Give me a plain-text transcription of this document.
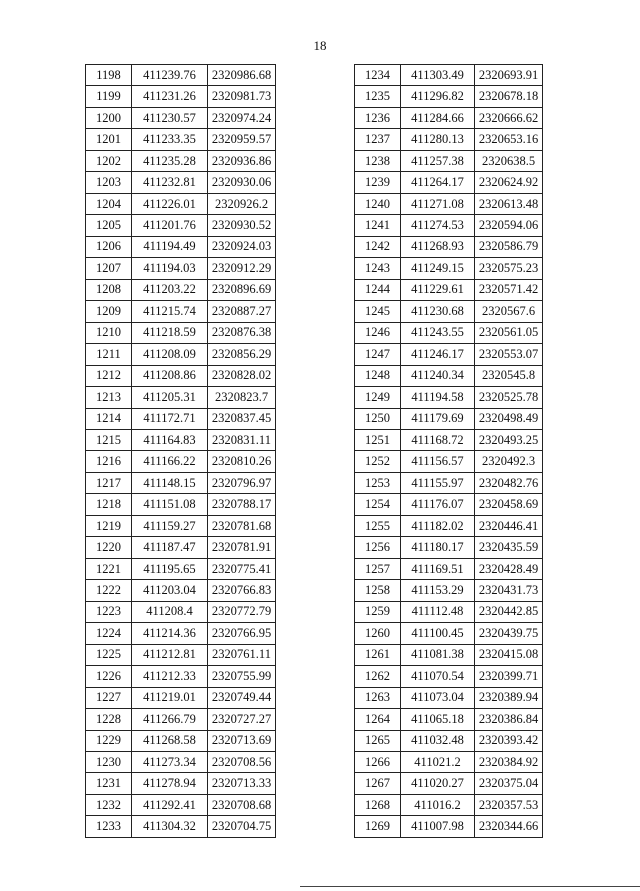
18
1198	411239.76	2320986.68
1199	411231.26	2320981.73
1200	411230.57	2320974.24
1201	411233.35	2320959.57
1202	411235.28	2320936.86
1203	411232.81	2320930.06
1204	411226.01	2320926.2
1205	411201.76	2320930.52
1206	411194.49	2320924.03
1207	411194.03	2320912.29
1208	411203.22	2320896.69
1209	411215.74	2320887.27
1210	411218.59	2320876.38
1211	411208.09	2320856.29
1212	411208.86	2320828.02
1213	411205.31	2320823.7
1214	411172.71	2320837.45
1215	411164.83	2320831.11
1216	411166.22	2320810.26
1217	411148.15	2320796.97
1218	411151.08	2320788.17
1219	411159.27	2320781.68
1220	411187.47	2320781.91
1221	411195.65	2320775.41
1222	411203.04	2320766.83
1223	411208.4	2320772.79
1224	411214.36	2320766.95
1225	411212.81	2320761.11
1226	411212.33	2320755.99
1227	411219.01	2320749.44
1228	411266.79	2320727.27
1229	411268.58	2320713.69
1230	411273.34	2320708.56
1231	411278.94	2320713.33
1232	411292.41	2320708.68
1233	411304.32	2320704.75
1234	411303.49	2320693.91
1235	411296.82	2320678.18
1236	411284.66	2320666.62
1237	411280.13	2320653.16
1238	411257.38	2320638.5
1239	411264.17	2320624.92
1240	411271.08	2320613.48
1241	411274.53	2320594.06
1242	411268.93	2320586.79
1243	411249.15	2320575.23
1244	411229.61	2320571.42
1245	411230.68	2320567.6
1246	411243.55	2320561.05
1247	411246.17	2320553.07
1248	411240.34	2320545.8
1249	411194.58	2320525.78
1250	411179.69	2320498.49
1251	411168.72	2320493.25
1252	411156.57	2320492.3
1253	411155.97	2320482.76
1254	411176.07	2320458.69
1255	411182.02	2320446.41
1256	411180.17	2320435.59
1257	411169.51	2320428.49
1258	411153.29	2320431.73
1259	411112.48	2320442.85
1260	411100.45	2320439.75
1261	411081.38	2320415.08
1262	411070.54	2320399.71
1263	411073.04	2320389.94
1264	411065.18	2320386.84
1265	411032.48	2320393.42
1266	411021.2	2320384.92
1267	411020.27	2320375.04
1268	411016.2	2320357.53
1269	411007.98	2320344.66
